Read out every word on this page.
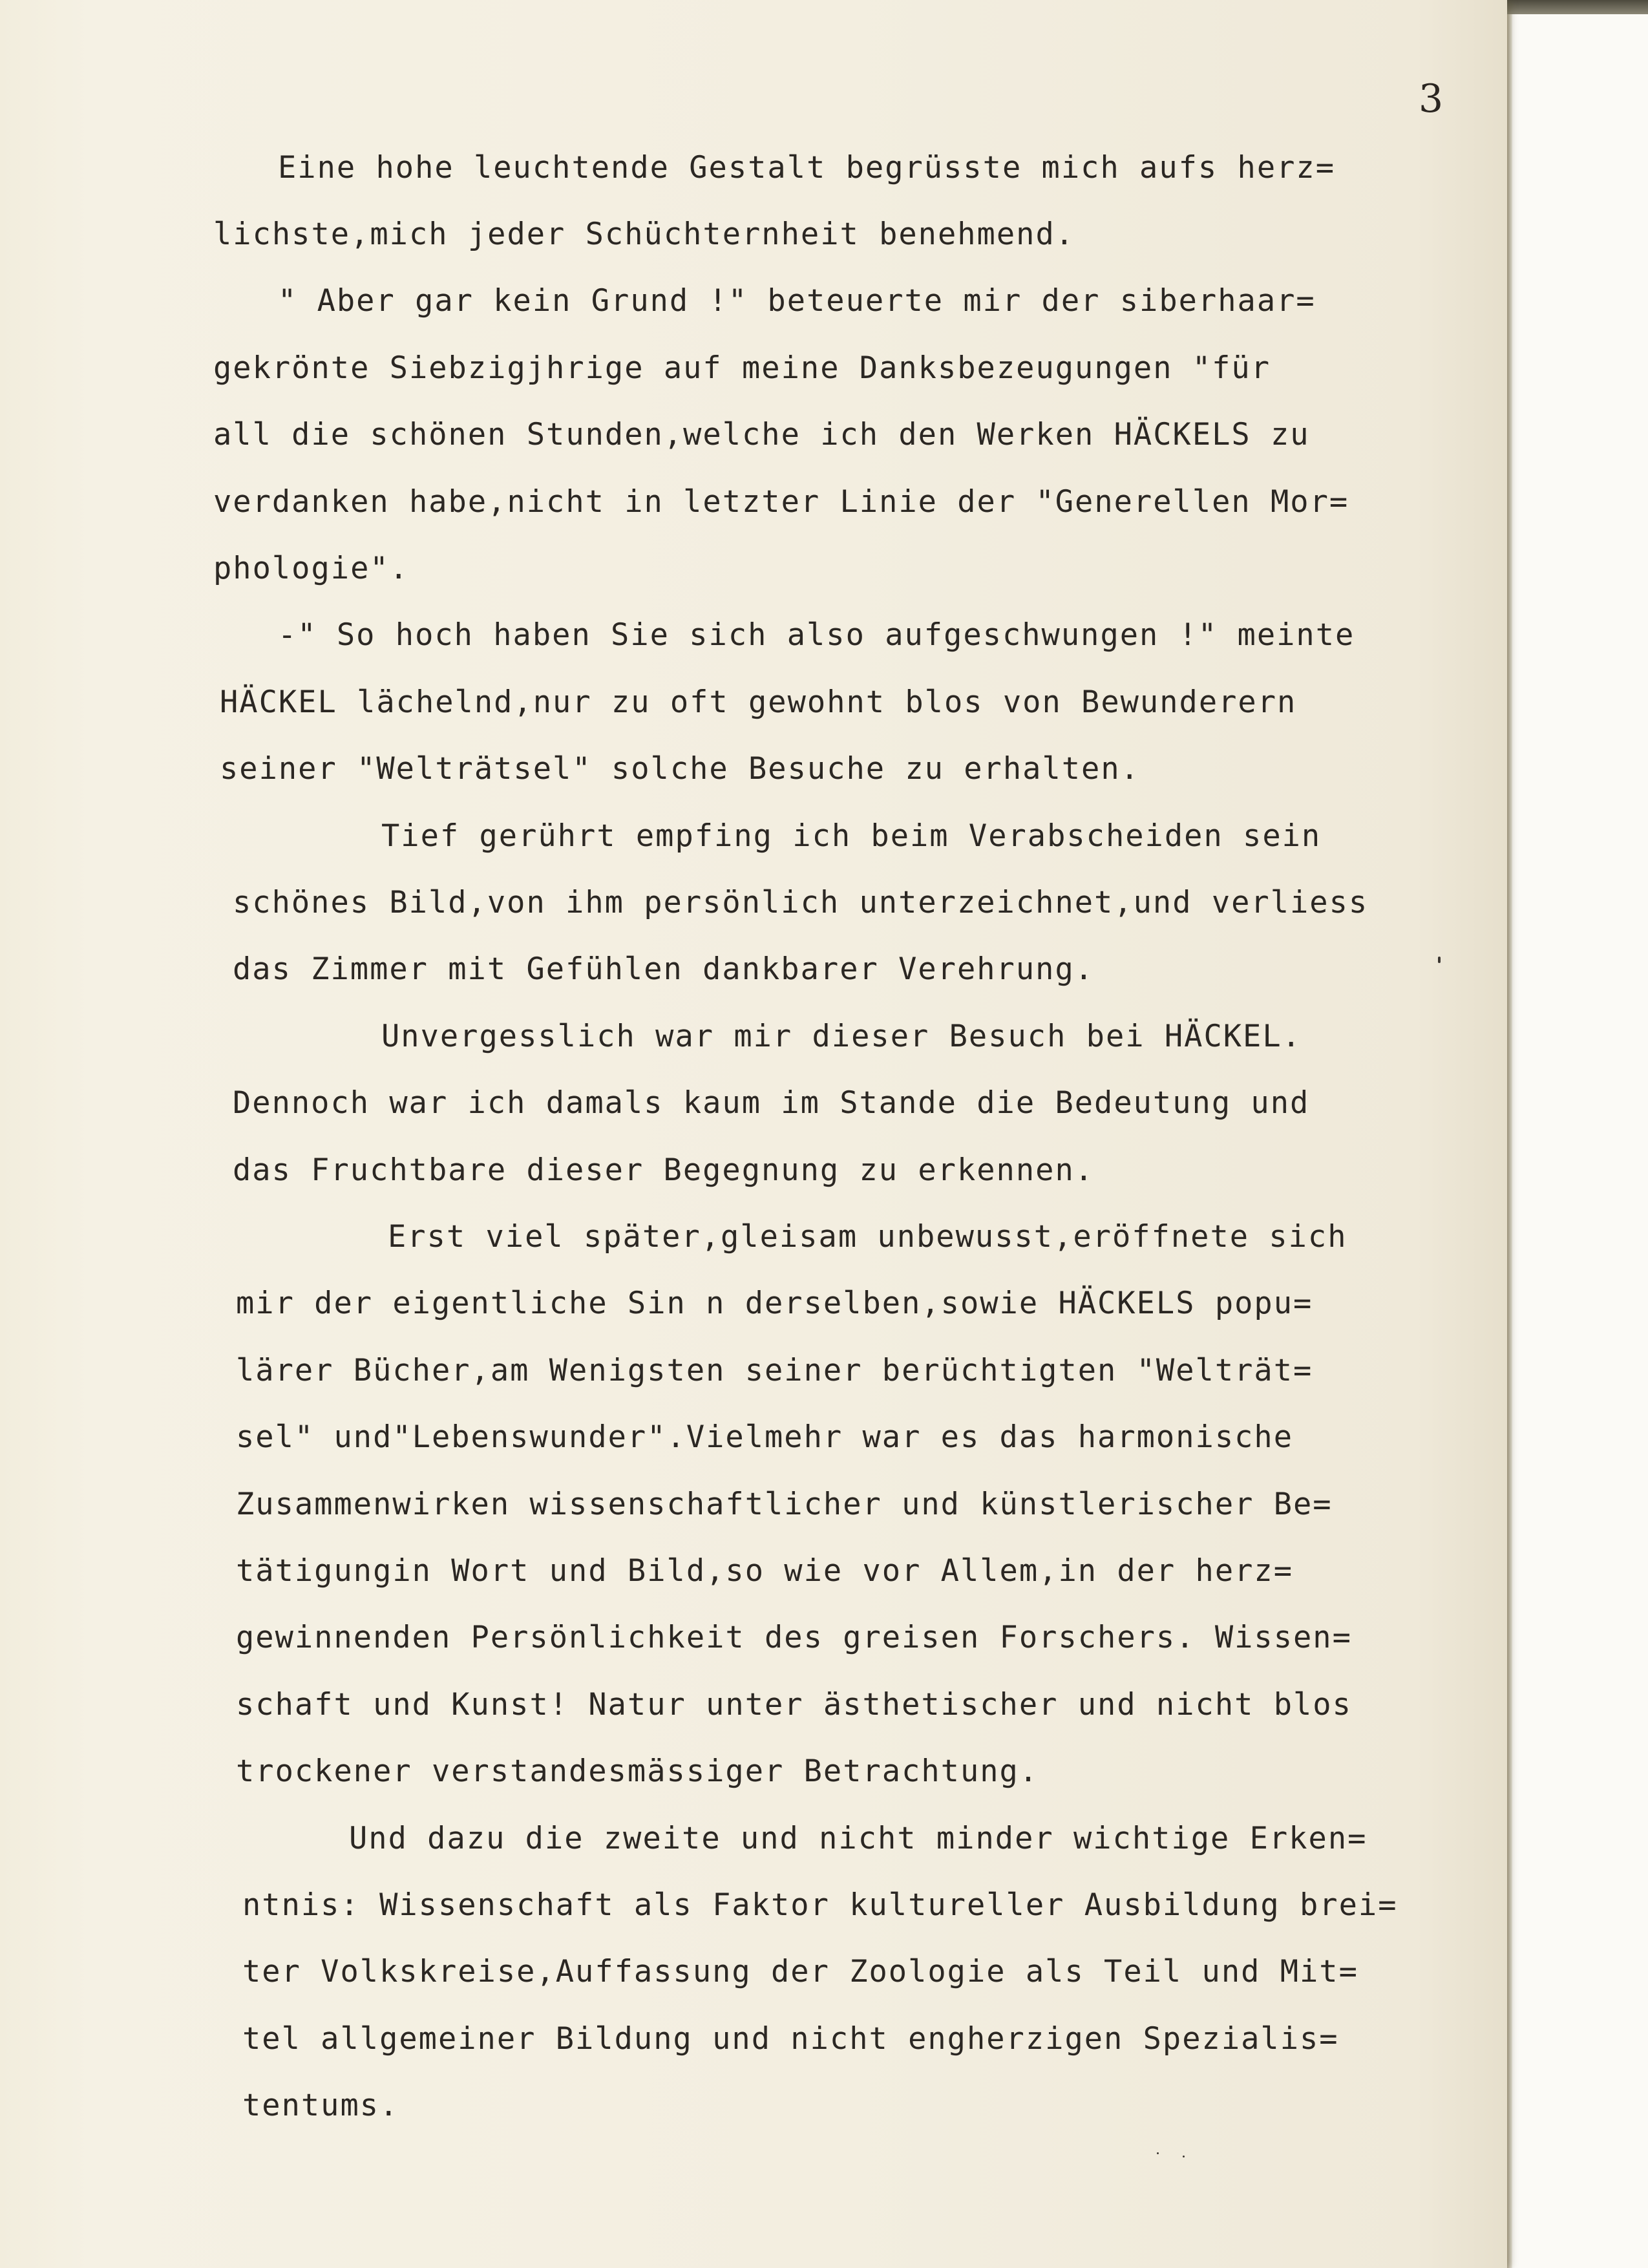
3

Eine hohe leuchtende Gestalt begrüsste mich aufs herz=
lichste,mich jeder Schüchternheit benehmend.
" Aber gar kein Grund !" beteuerte mir der siberhaar=
gekrönte Siebzigjhrige auf meine Danksbezeugungen "für
all die schönen Stunden,welche ich den Werken HÄCKELS zu
verdanken habe,nicht in letzter Linie der "Generellen Mor=
phologie".
-" So hoch haben Sie sich also aufgeschwungen !" meinte
HÄCKEL lächelnd,nur zu oft gewohnt blos von Bewunderern
seiner "Welträtsel" solche Besuche zu erhalten.
Tief gerührt empfing ich beim Verabscheiden sein
schönes Bild,von ihm persönlich unterzeichnet,und verliess
das Zimmer mit Gefühlen dankbarer Verehrung.
Unvergesslich war mir dieser Besuch bei HÄCKEL.
Dennoch war ich damals kaum im Stande die Bedeutung und
das Fruchtbare dieser Begegnung zu erkennen.
Erst viel später,gleisam unbewusst,eröffnete sich
mir der eigentliche Sin n derselben,sowie HÄCKELS popu=
lärer Bücher,am Wenigsten seiner berüchtigten "Welträt=
sel" und"Lebenswunder".Vielmehr war es das harmonische
Zusammenwirken wissenschaftlicher und künstlerischer Be=
tätigungin Wort und Bild,so wie vor Allem,in der herz=
gewinnenden Persönlichkeit des greisen Forschers. Wissen=
schaft und Kunst! Natur unter ästhetischer und nicht blos
trockener verstandesmässiger Betrachtung.
Und dazu die zweite und nicht minder wichtige Erken=
ntnis: Wissenschaft als Faktor kultureller Ausbildung brei=
ter Volkskreise,Auffassung der Zoologie als Teil und Mit=
tel allgemeiner Bildung und nicht engherzigen Spezialis=
tentums.
